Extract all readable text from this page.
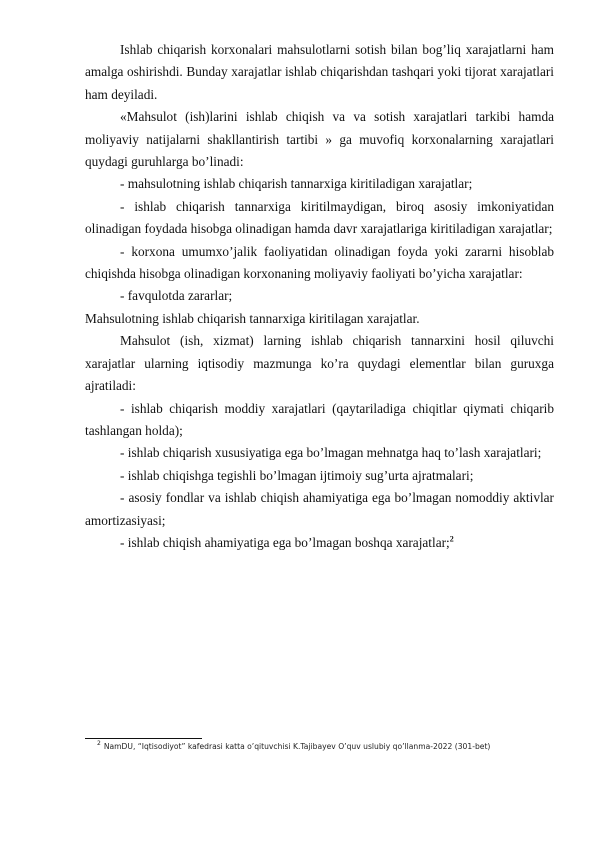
Ishlab chiqarish korxonalari mahsulotlarni sotish bilan bog’liq xarajatlarni ham amalga oshirishdi. Bunday xarajatlar ishlab chiqarishdan tashqari yoki tijorat xarajatlari ham deyiladi.

«Mahsulot (ish)larini ishlab chiqish va va sotish xarajatlari tarkibi hamda moliyaviy natijalarni shakllantirish tartibi » ga muvofiq korxonalarning xarajatlari quydagi guruhlarga bo’linadi:

- mahsulotning ishlab chiqarish tannarxiga kiritiladigan xarajatlar;

- ishlab chiqarish tannarxiga kiritilmaydigan, biroq asosiy imkoniyatidan olinadigan foydada hisobga olinadigan hamda davr xarajatlariga kiritiladigan xarajatlar;

- korxona umumxo’jalik faoliyatidan olinadigan foyda yoki zararni hisoblab chiqishda hisobga olinadigan korxonaning moliyaviy faoliyati bo’yicha xarajatlar:

- favqulotda zararlar;

Mahsulotning ishlab chiqarish tannarxiga kiritilagan xarajatlar.

Mahsulot (ish, xizmat) larning ishlab chiqarish tannarxini hosil qiluvchi xarajatlar ularning iqtisodiy mazmunga ko’ra quydagi elementlar bilan guruxga ajratiladi:

- ishlab chiqarish moddiy xarajatlari (qaytariladiga chiqitlar qiymati chiqarib tashlangan holda);

- ishlab chiqarish xususiyatiga ega bo’lmagan mehnatga haq to’lash xarajatlari;

- ishlab chiqishga tegishli bo’lmagan ijtimoiy sug’urta ajratmalari;

- asosiy fondlar va ishlab chiqish ahamiyatiga ega bo’lmagan nomoddiy aktivlar amortizasiyasi;

- ishlab chiqish ahamiyatiga ega bo’lmagan boshqa xarajatlar;$^2$

$^2$ NamDU, “Iqtisodiyot” kafedrasi katta o’qituvchisi K.Tajibayev O’quv uslubiy qo’llanma-2022 (301-bet)
